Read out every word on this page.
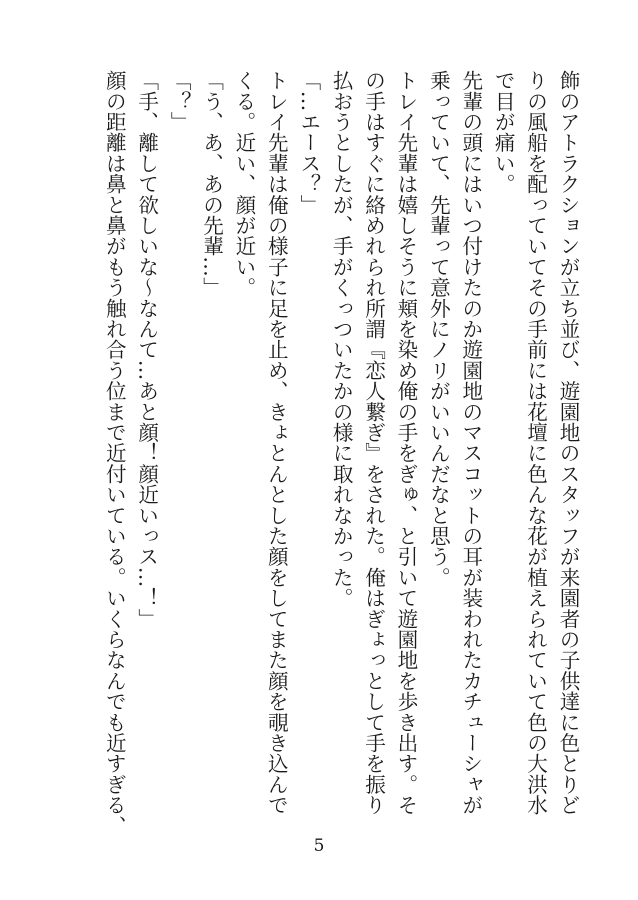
飾のアトラクションが立ち並び、遊園地のスタッフが来園者の子供達に色とりど
りの風船を配っていてその手前には花壇に色んな花が植えられていて色の大洪水
で目が痛い。
先輩の頭にはいつ付けたのか遊園地のマスコットの耳が装われたカチューシャが
乗っていて、先輩って意外にノリがいいんだなと思う。
トレイ先輩は嬉しそうに頬を染め俺の手をぎゅ、と引いて遊園地を歩き出す。そ
の手はすぐに絡めれられ所謂『恋人繋ぎ』をされた。俺はぎょっとして手を振り
払おうとしたが、手がくっついたかの様に取れなかった。
「…エース？」
トレイ先輩は俺の様子に足を止め、きょとんとした顔をしてまた顔を覗き込んで
くる。近い、顔が近い。
「う、あ、あの先輩…」
「？」
「手、離して欲しいな〜なんて…あと顔！顔近いっス…！」
顔の距離は鼻と鼻がもう触れ合う位まで近付いている。いくらなんでも近すぎる、
5
